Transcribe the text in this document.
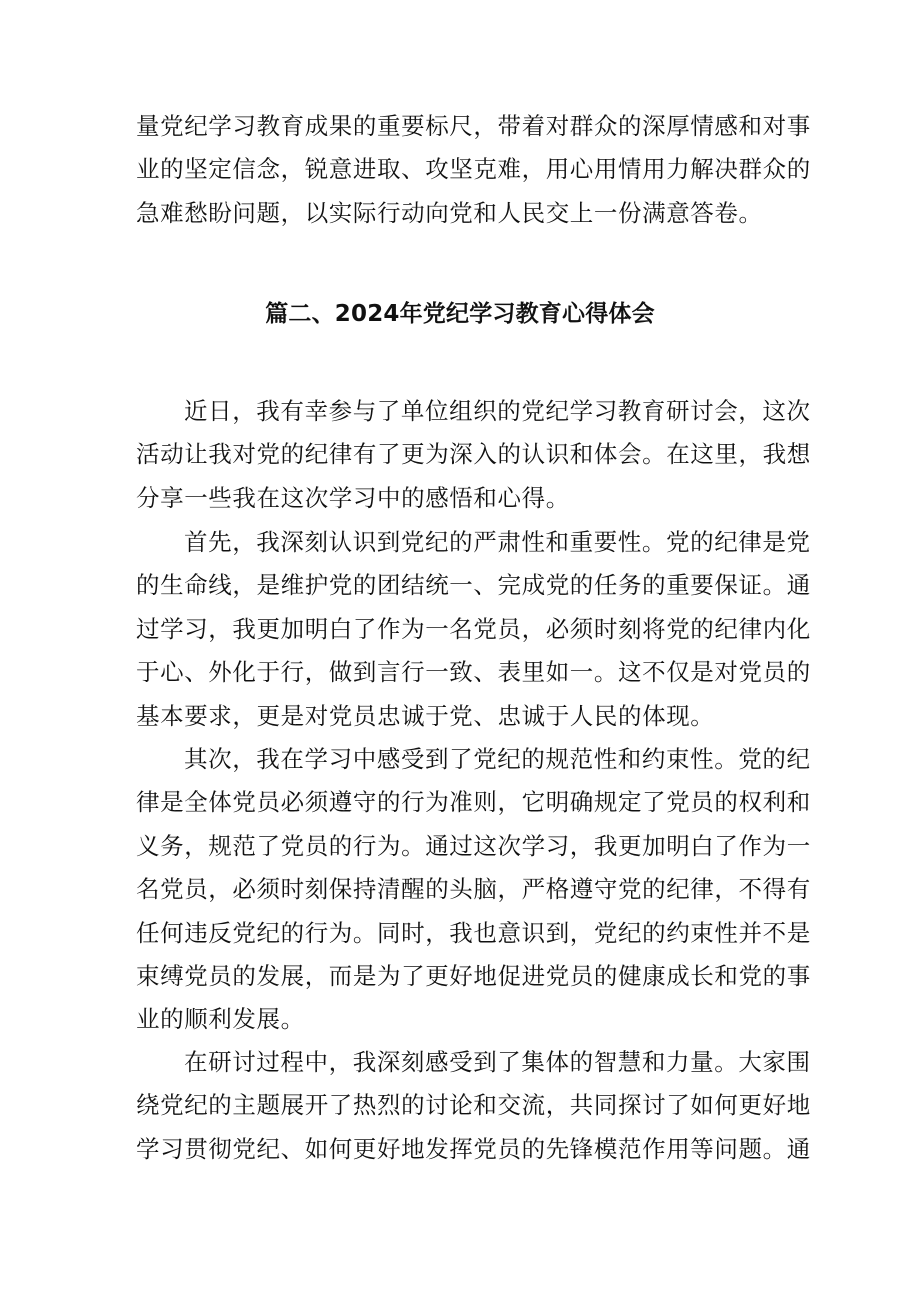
量党纪学习教育成果的重要标尺，带着对群众的深厚情感和对事
业的坚定信念，锐意进取、攻坚克难，用心用情用力解决群众的
急难愁盼问题，以实际行动向党和人民交上一份满意答卷。
篇二、2024年党纪学习教育心得体会
近日，我有幸参与了单位组织的党纪学习教育研讨会，这次
活动让我对党的纪律有了更为深入的认识和体会。在这里，我想
分享一些我在这次学习中的感悟和心得。
首先，我深刻认识到党纪的严肃性和重要性。党的纪律是党
的生命线，是维护党的团结统一、完成党的任务的重要保证。通
过学习，我更加明白了作为一名党员，必须时刻将党的纪律内化
于心、外化于行，做到言行一致、表里如一。这不仅是对党员的
基本要求，更是对党员忠诚于党、忠诚于人民的体现。
其次，我在学习中感受到了党纪的规范性和约束性。党的纪
律是全体党员必须遵守的行为准则，它明确规定了党员的权利和
义务，规范了党员的行为。通过这次学习，我更加明白了作为一
名党员，必须时刻保持清醒的头脑，严格遵守党的纪律，不得有
任何违反党纪的行为。同时，我也意识到，党纪的约束性并不是
束缚党员的发展，而是为了更好地促进党员的健康成长和党的事
业的顺利发展。
在研讨过程中，我深刻感受到了集体的智慧和力量。大家围
绕党纪的主题展开了热烈的讨论和交流，共同探讨了如何更好地
学习贯彻党纪、如何更好地发挥党员的先锋模范作用等问题。通
